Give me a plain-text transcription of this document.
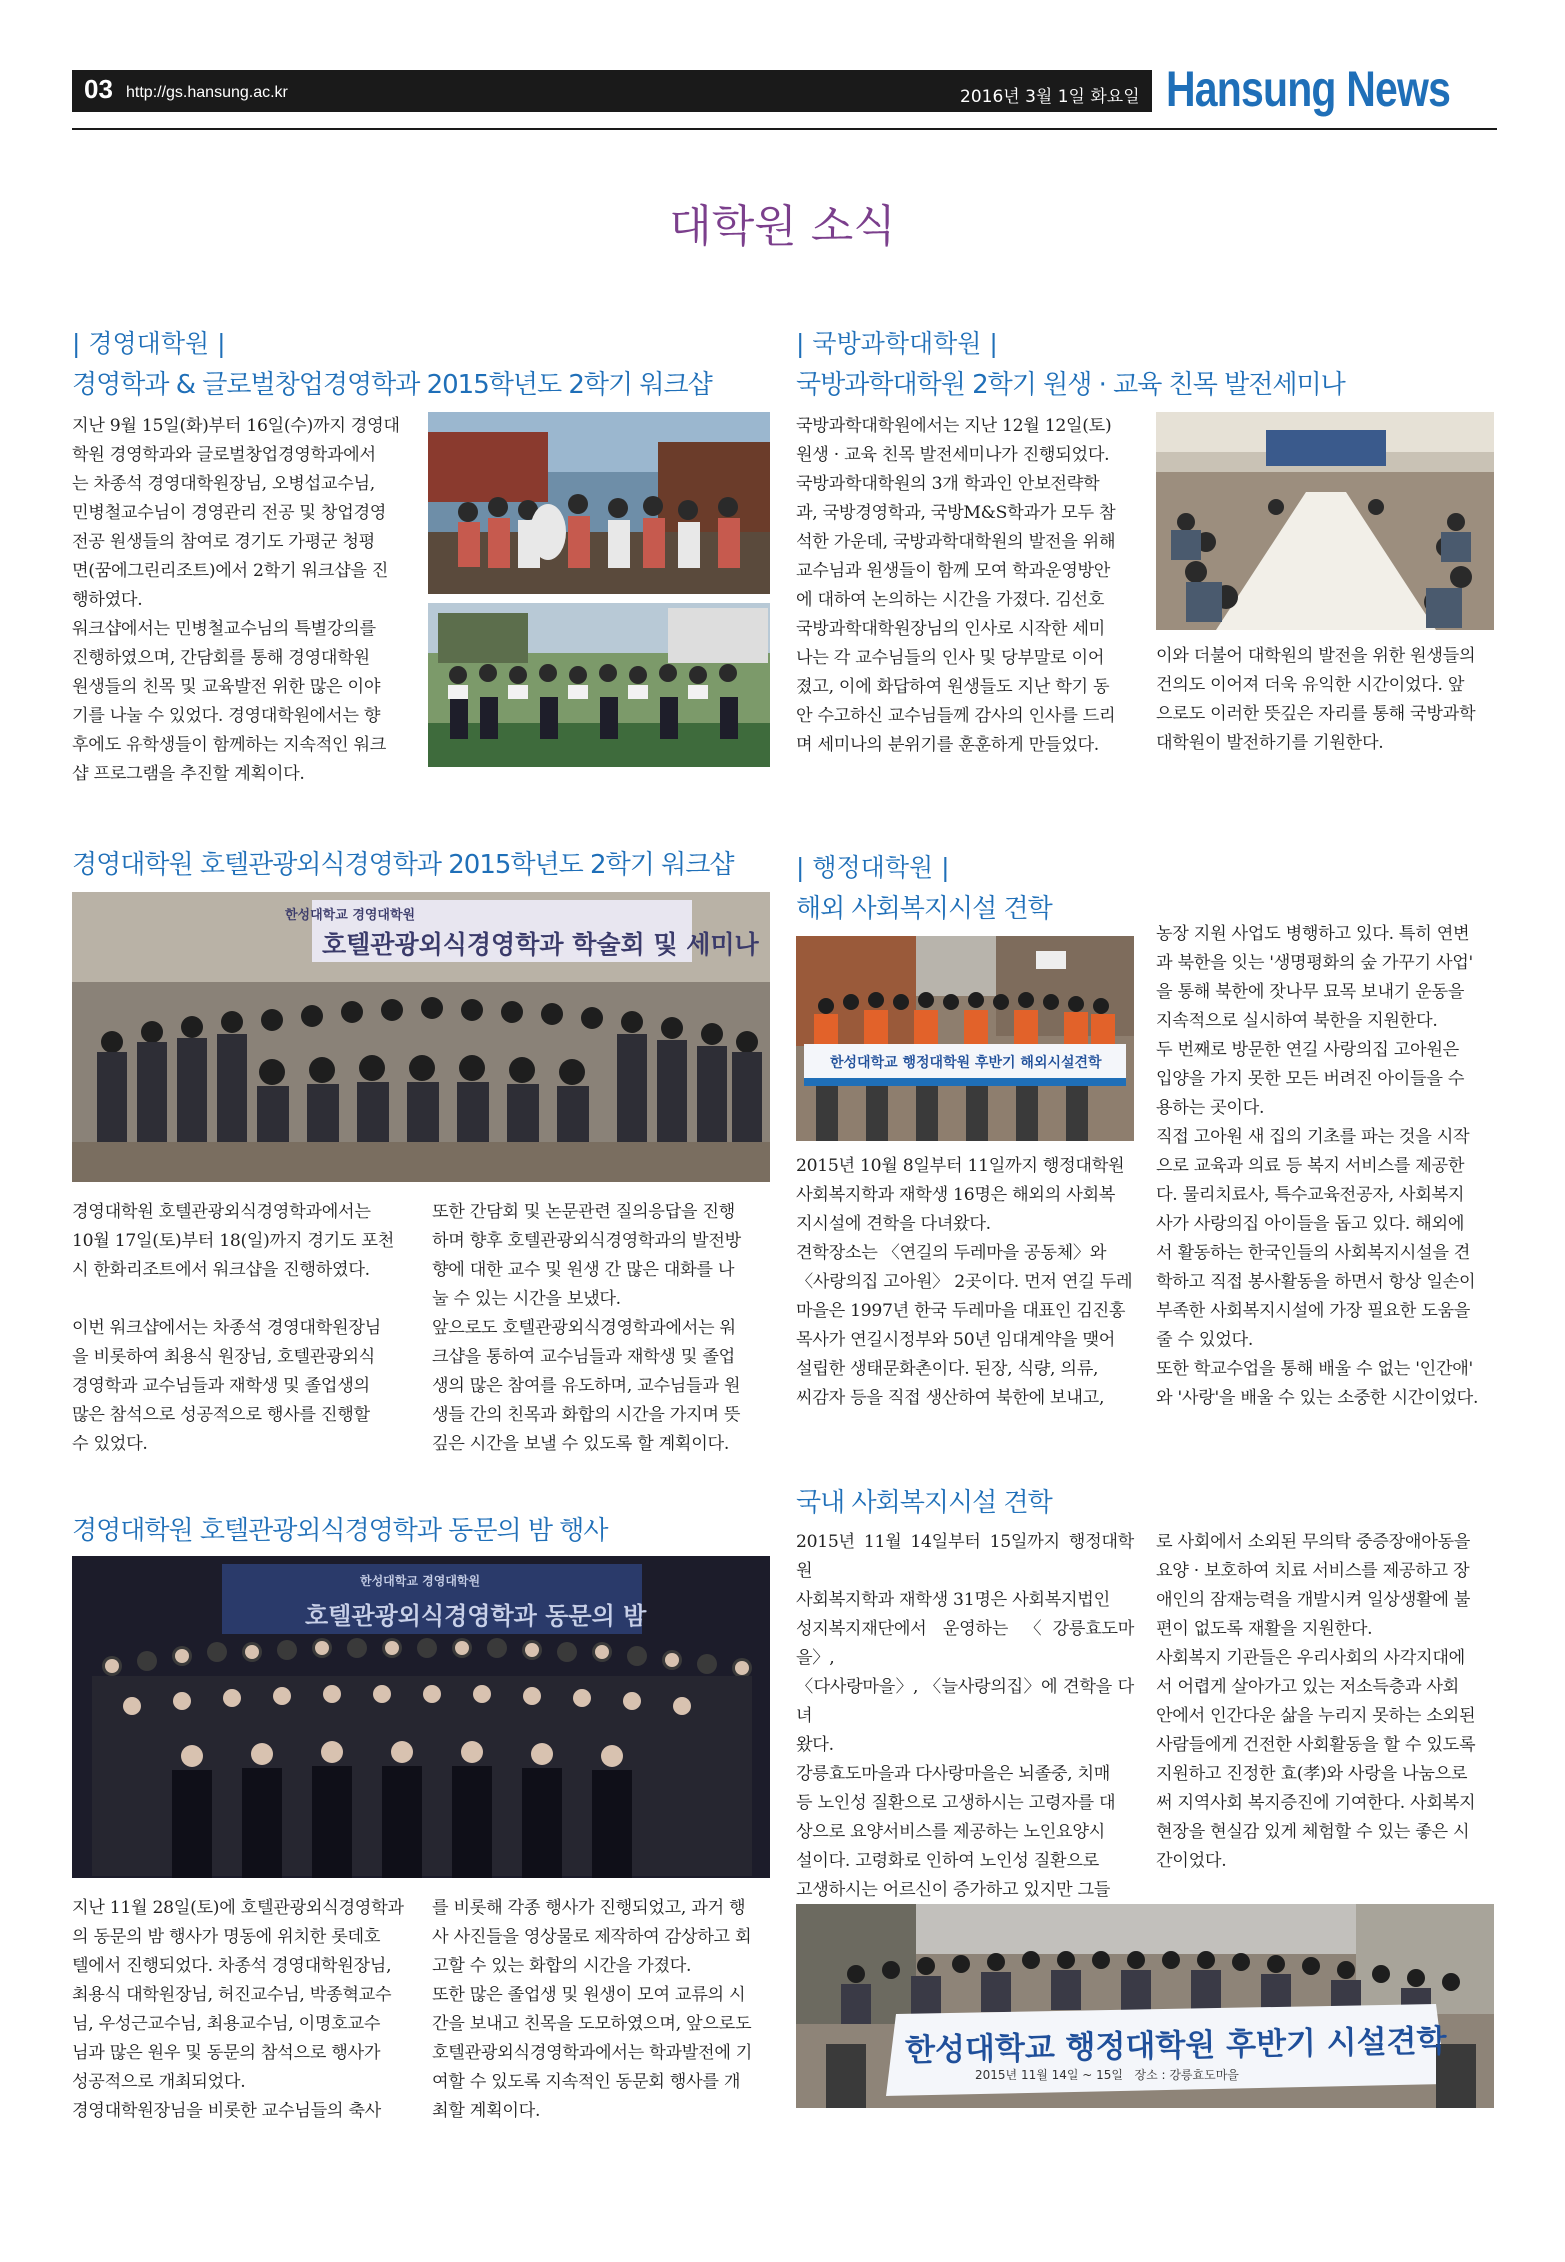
03 http://gs.hansung.ac.kr	2016년 3월 1일 화요일 Hansung News
대학원 소식
| 경영대학원 |
경영학과 & 글로벌창업경영학과 2015학년도 2학기 워크샵
지난 9월 15일(화)부터 16일(수)까지 경영대
학원 경영학과와 글로벌창업경영학과에서
는 차종석 경영대학원장님, 오병섭교수님,
민병철교수님이 경영관리 전공 및 창업경영
전공 원생들의 참여로 경기도 가평군 청평
면(꿈에그린리조트)에서 2학기 워크샵을 진
행하였다.
워크샵에서는 민병철교수님의 특별강의를
진행하였으며, 간담회를 통해 경영대학원
원생들의 친목 및 교육발전 위한 많은 이야
기를 나눌 수 있었다. 경영대학원에서는 향
후에도 유학생들이 함께하는 지속적인 워크
샵 프로그램을 추진할 계획이다.
| 국방과학대학원 |
국방과학대학원 2학기 원생 · 교육 친목 발전세미나
국방과학대학원에서는 지난 12월 12일(토)
원생 · 교육 친목 발전세미나가 진행되었다.
국방과학대학원의 3개 학과인 안보전략학
과, 국방경영학과, 국방M&S학과가 모두 참
석한 가운데, 국방과학대학원의 발전을 위해
교수님과 원생들이 함께 모여 학과운영방안
에 대하여 논의하는 시간을 가졌다. 김선호
국방과학대학원장님의 인사로 시작한 세미
나는 각 교수님들의 인사 및 당부말로 이어
졌고, 이에 화답하여 원생들도 지난 학기 동
안 수고하신 교수님들께 감사의 인사를 드리
며 세미나의 분위기를 훈훈하게 만들었다.
이와 더불어 대학원의 발전을 위한 원생들의
건의도 이어져 더욱 유익한 시간이었다. 앞
으로도 이러한 뜻깊은 자리를 통해 국방과학
대학원이 발전하기를 기원한다.
경영대학원 호텔관광외식경영학과 2015학년도 2학기 워크샵
한성대학교 경영대학원
호텔관광외식경영학과 학술회 및 세미나
경영대학원 호텔관광외식경영학과에서는
10월 17일(토)부터 18(일)까지 경기도 포천
시 한화리조트에서 워크샵을 진행하였다.

이번 워크샵에서는 차종석 경영대학원장님
을 비롯하여 최용식 원장님, 호텔관광외식
경영학과 교수님들과 재학생 및 졸업생의
많은 참석으로 성공적으로 행사를 진행할
수 있었다.
또한 간담회 및 논문관련 질의응답을 진행
하며 향후 호텔관광외식경영학과의 발전방
향에 대한 교수 및 원생 간 많은 대화를 나
눌 수 있는 시간을 보냈다.
앞으로도 호텔관광외식경영학과에서는 워
크샵을 통하여 교수님들과 재학생 및 졸업
생의 많은 참여를 유도하며, 교수님들과 원
생들 간의 친목과 화합의 시간을 가지며 뜻
깊은 시간을 보낼 수 있도록 할 계획이다.
| 행정대학원 |
해외 사회복지시설 견학
한성대학교 행정대학원 후반기 해외시설견학
2015년 10월 8일부터 11일까지 행정대학원
사회복지학과 재학생 16명은 해외의 사회복
지시설에 견학을 다녀왔다.
견학장소는 〈연길의 두레마을 공동체〉와
〈사랑의집 고아원〉 2곳이다. 먼저 연길 두레
마을은 1997년 한국 두레마을 대표인 김진홍
목사가 연길시정부와 50년 임대계약을 맺어
설립한 생태문화촌이다. 된장, 식량, 의류,
씨감자 등을 직접 생산하여 북한에 보내고,
농장 지원 사업도 병행하고 있다. 특히 연변
과 북한을 잇는 '생명평화의 숲 가꾸기 사업'
을 통해 북한에 잣나무 묘목 보내기 운동을
지속적으로 실시하여 북한을 지원한다.
두 번째로 방문한 연길 사랑의집 고아원은
입양을 가지 못한 모든 버려진 아이들을 수
용하는 곳이다.
직접 고아원 새 집의 기초를 파는 것을 시작
으로 교육과 의료 등 복지 서비스를 제공한
다. 물리치료사, 특수교육전공자, 사회복지
사가 사랑의집 아이들을 돕고 있다. 해외에
서 활동하는 한국인들의 사회복지시설을 견
학하고 직접 봉사활동을 하면서 항상 일손이
부족한 사회복지시설에 가장 필요한 도움을
줄 수 있었다.
또한 학교수업을 통해 배울 수 없는 '인간애'
와 '사랑'을 배울 수 있는 소중한 시간이었다.
경영대학원 호텔관광외식경영학과 동문의 밤 행사
한성대학교 경영대학원
호텔관광외식경영학과 동문의 밤
지난 11월 28일(토)에 호텔관광외식경영학과
의 동문의 밤 행사가 명동에 위치한 롯데호
텔에서 진행되었다. 차종석 경영대학원장님,
최용식 대학원장님, 허진교수님, 박종혁교수
님, 우성근교수님, 최용교수님, 이명호교수
님과 많은 원우 및 동문의 참석으로 행사가
성공적으로 개최되었다.
경영대학원장님을 비롯한 교수님들의 축사
를 비롯해 각종 행사가 진행되었고, 과거 행
사 사진들을 영상물로 제작하여 감상하고 회
고할 수 있는 화합의 시간을 가졌다.
또한 많은 졸업생 및 원생이 모여 교류의 시
간을 보내고 친목을 도모하였으며, 앞으로도
호텔관광외식경영학과에서는 학과발전에 기
여할 수 있도록 지속적인 동문회 행사를 개
최할 계획이다.
국내 사회복지시설 견학
2015년 11월 14일부터 15일까지 행정대학원
사회복지학과 재학생 31명은 사회복지법인
성지복지재단에서 운영하는 〈강릉효도마을〉,
〈다사랑마을〉, 〈늘사랑의집〉에 견학을 다녀
왔다.
강릉효도마을과 다사랑마을은 뇌졸중, 치매
등 노인성 질환으로 고생하시는 고령자를 대
상으로 요양서비스를 제공하는 노인요양시
설이다. 고령화로 인하여 노인성 질환으로
고생하시는 어르신이 증가하고 있지만 그들

로 사회에서 소외된 무의탁 중증장애아동을
요양 · 보호하여 치료 서비스를 제공하고 장
애인의 잠재능력을 개발시켜 일상생활에 불
편이 없도록 재활을 지원한다.
사회복지 기관들은 우리사회의 사각지대에
서 어렵게 살아가고 있는 저소득층과 사회
안에서 인간다운 삶을 누리지 못하는 소외된
사람들에게 건전한 사회활동을 할 수 있도록
지원하고 진정한 효(孝)와 사랑을 나눔으로
써 지역사회 복지증진에 기여한다. 사회복지
현장을 현실감 있게 체험할 수 있는 좋은 시
간이었다.
한성대학교 행정대학원 후반기 시설견학
2015년 11월 14일 ~ 15일   장소 : 강릉효도마을
